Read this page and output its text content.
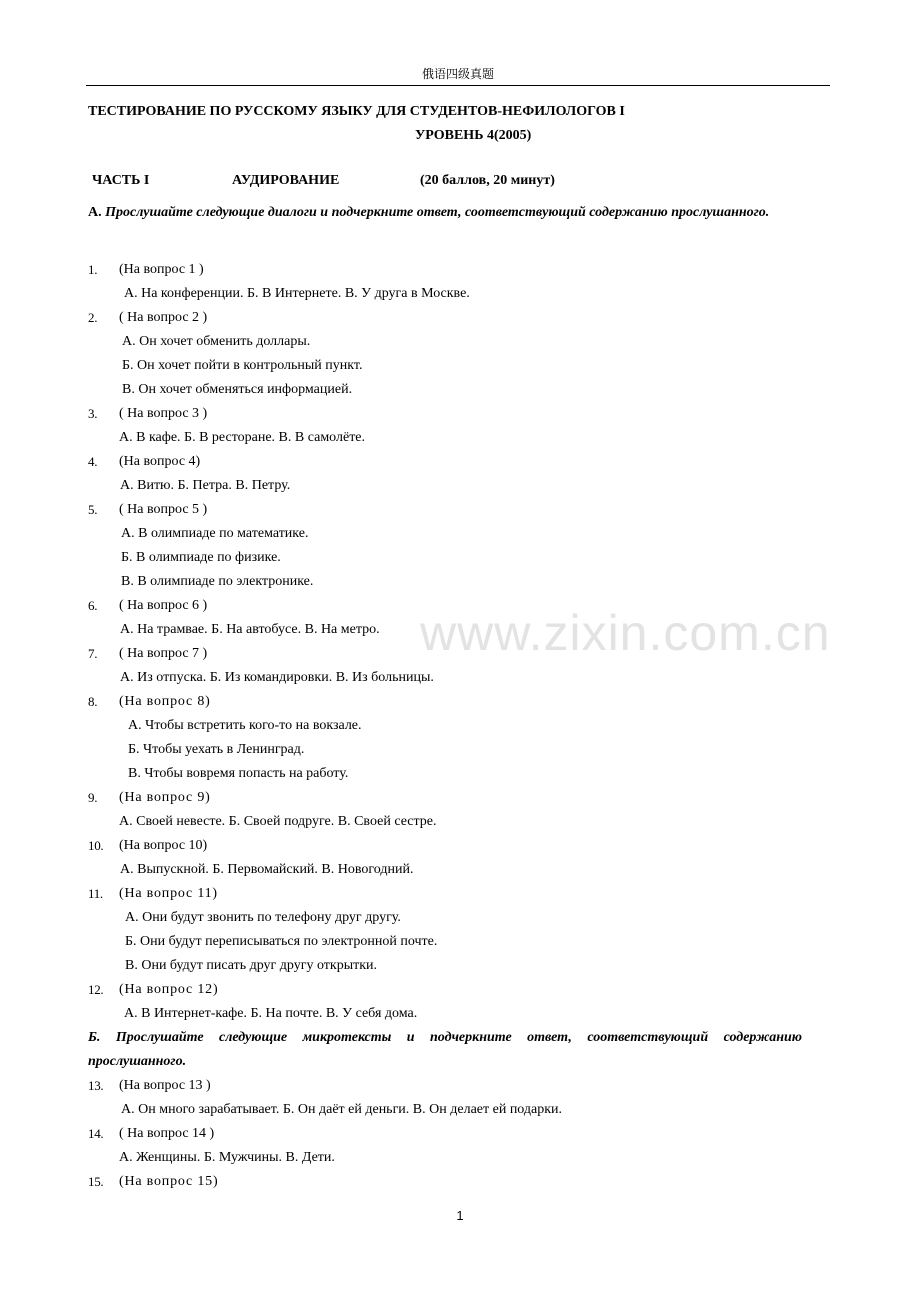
俄语四级真题
ТЕСТИРОВАНИЕ ПО РУССКОМУ ЯЗЫКУ ДЛЯ СТУДЕНТОВ-НЕФИЛОЛОГОВ I
УРОВЕНЬ 4(2005)
ЧАСТЬ I	АУДИРОВАНИЕ	(20 баллов, 20 минут)
А. Прослушайте следующие диалоги и подчеркните ответ, соответствующий содержанию прослушанного.
1. (На вопрос 1 )
А. На конференции. Б. В Интернете. В. У друга в Москве.
2. ( На вопрос 2 )
А. Он хочет обменить доллары.
Б. Он хочет пойти в контрольный пункт.
В. Он хочет обменяться информацией.
3. ( На вопрос 3 )
А. В кафе. Б. В ресторане. В. В самолёте.
4. (На вопрос 4)
А. Витю. Б. Петра. В. Петру.
5. ( На вопрос 5 )
А. В олимпиаде по математике.
Б. В олимпиаде по физике.
В. В олимпиаде по электронике.
6. ( На вопрос 6 )
А. На трамвае. Б. На автобусе. В. На метро.
7. ( На вопрос 7 )
А. Из отпуска. Б. Из командировки. В. Из больницы.
8. (На вопрос 8)
А. Чтобы встретить кого-то на вокзале.
Б. Чтобы уехать в Ленинград.
В. Чтобы вовремя попасть на работу.
9. (На вопрос 9)
А. Своей невесте. Б. Своей подруге. В. Своей сестре.
10. (На вопрос 10)
А. Выпускной. Б. Первомайский. В. Новогодний.
11. (На вопрос 11)
А. Они будут звонить по телефону друг другу.
Б. Они будут переписываться по электронной почте.
В. Они будут писать друг другу открытки.
12. (На вопрос 12)
А. В Интернет-кафе. Б. На почте. В. У себя дома.
Б. Прослушайте следующие микротексты и подчеркните ответ, соответствующий содержанию прослушанного.
13. (На вопрос 13 )
А. Он много зарабатывает. Б. Он даёт ей деньги. В. Он делает ей подарки.
14. ( На вопрос 14 )
А. Женщины. Б. Мужчины. В. Дети.
15. (На вопрос 15)
www.zixin.com.cn
1
